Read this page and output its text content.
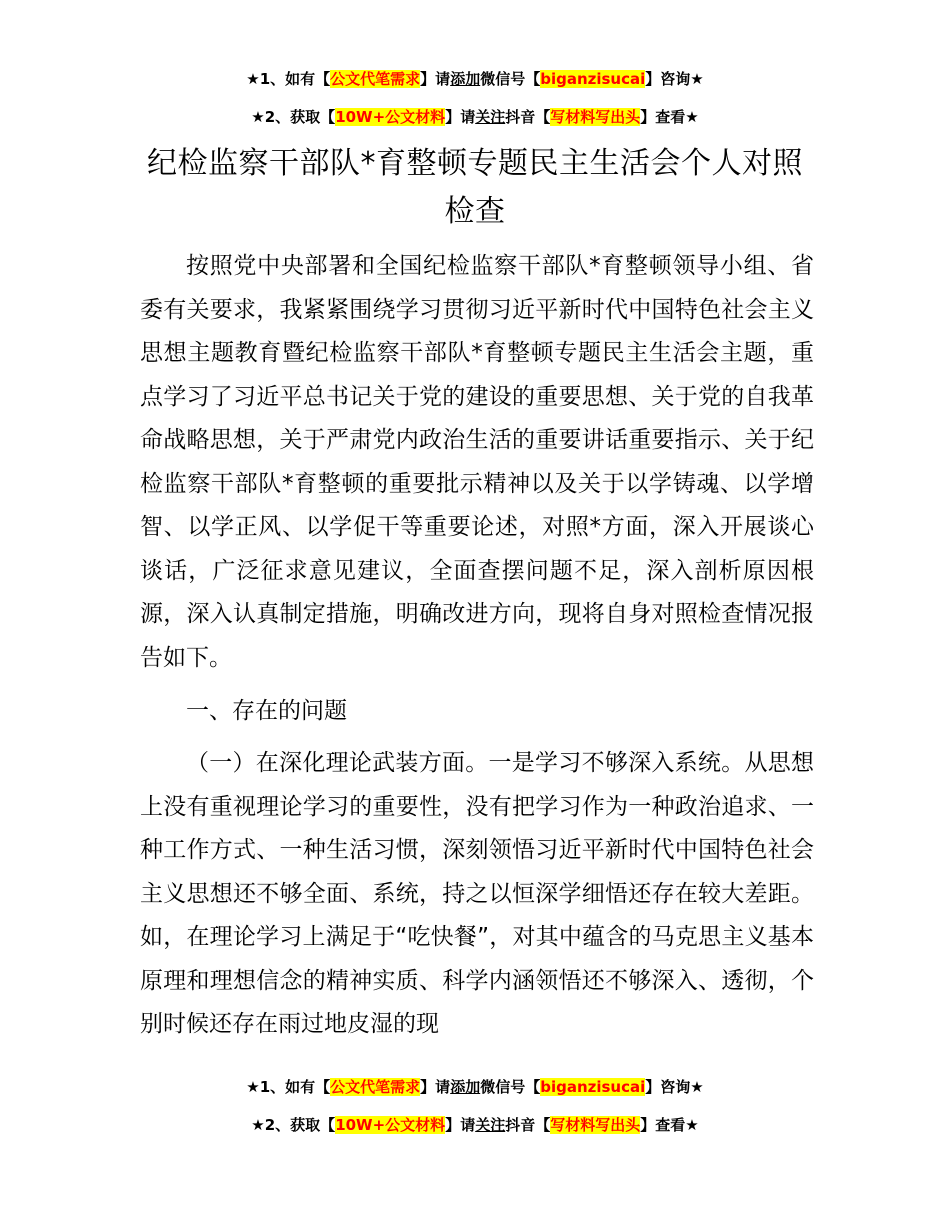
★1、如有【公文代笔需求】请添加微信号【biganzisucai】咨询★
★2、获取【10W+公文材料】请关注抖音【写材料写出头】查看★
纪检监察干部队*育整顿专题民主生活会个人对照检查
按照党中央部署和全国纪检监察干部队*育整顿领导小组、省委有关要求，我紧紧围绕学习贯彻习近平新时代中国特色社会主义思想主题教育暨纪检监察干部队*育整顿专题民主生活会主题，重点学习了习近平总书记关于党的建设的重要思想、关于党的自我革命战略思想，关于严肃党内政治生活的重要讲话重要指示、关于纪检监察干部队*育整顿的重要批示精神以及关于以学铸魂、以学增智、以学正风、以学促干等重要论述，对照*方面，深入开展谈心谈话，广泛征求意见建议，全面查摆问题不足，深入剖析原因根源，深入认真制定措施，明确改进方向，现将自身对照检查情况报告如下。
一、存在的问题
（一）在深化理论武装方面。一是学习不够深入系统。从思想上没有重视理论学习的重要性，没有把学习作为一种政治追求、一种工作方式、一种生活习惯，深刻领悟习近平新时代中国特色社会主义思想还不够全面、系统，持之以恒深学细悟还存在较大差距。如，在理论学习上满足于“吃快餐”，对其中蕴含的马克思主义基本原理和理想信念的精神实质、科学内涵领悟还不够深入、透彻，个别时候还存在雨过地皮湿的现
★1、如有【公文代笔需求】请添加微信号【biganzisucai】咨询★
★2、获取【10W+公文材料】请关注抖音【写材料写出头】查看★
